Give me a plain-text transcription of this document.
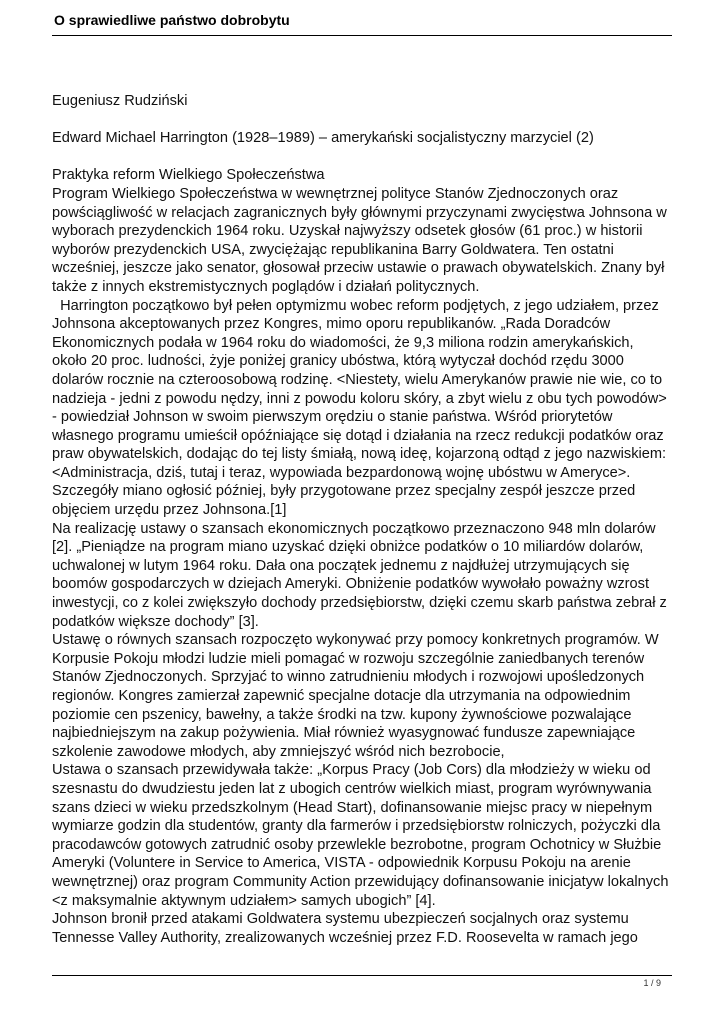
O sprawiedliwe państwo dobrobytu

Eugeniusz Rudziński

Edward Michael Harrington (1928–1989) – amerykański socjalistyczny marzyciel (2)

Praktyka reform Wielkiego Społeczeństwa

Program Wielkiego Społeczeństwa w wewnętrznej polityce Stanów Zjednoczonych oraz powściągliwość w relacjach zagranicznych były głównymi przyczynami zwycięstwa Johnsona w wyborach prezydenckich 1964 roku. Uzyskał najwyższy odsetek głosów (61 proc.) w historii wyborów prezydenckich USA, zwyciężając republikanina Barry Goldwatera. Ten ostatni wcześniej, jeszcze jako senator, głosował przeciw ustawie o prawach obywatelskich. Znany był także z innych ekstremistycznych poglądów i działań politycznych.

Harrington początkowo był pełen optymizmu wobec reform podjętych, z jego udziałem, przez Johnsona akceptowanych przez Kongres, mimo oporu republikanów. „Rada Doradców Ekonomicznych podała w 1964 roku do wiadomości, że 9,3 miliona rodzin amerykańskich, około 20 proc. ludności, żyje poniżej granicy ubóstwa, którą wytyczał dochód rzędu 3000 dolarów rocznie na czteroosobową rodzinę. <Niestety, wielu Amerykanów prawie nie wie, co to nadzieja - jedni z powodu nędzy, inni z powodu koloru skóry, a zbyt wielu z obu tych powodów> - powiedział Johnson w swoim pierwszym orędziu o stanie państwa. Wśród priorytetów własnego programu umieścił opóźniające się dotąd i działania na rzecz redukcji podatków oraz praw obywatelskich, dodając do tej listy śmiałą, nową ideę, kojarzoną odtąd z jego nazwiskiem: <Administracja, dziś, tutaj i teraz, wypowiada bezpardonową wojnę ubóstwu w Ameryce>. Szczegóły miano ogłosić później, były przygotowane przez specjalny zespół jeszcze przed objęciem urzędu przez Johnsona.[1]

Na realizację ustawy o szansach ekonomicznych początkowo przeznaczono 948 mln dolarów [2]. „Pieniądze na program miano uzyskać dzięki obniżce podatków o 10 miliardów dolarów, uchwalonej w lutym 1964 roku. Dała ona początek jednemu z najdłużej utrzymujących się boomów gospodarczych w dziejach Ameryki. Obniżenie podatków wywołało poważny wzrost inwestycji, co z kolei zwiększyło dochody przedsiębiorstw, dzięki czemu skarb państwa zebrał z podatków większe dochody” [3].

Ustawę o równych szansach rozpoczęto wykonywać przy pomocy konkretnych programów. W Korpusie Pokoju młodzi ludzie mieli pomagać w rozwoju szczególnie zaniedbanych terenów Stanów Zjednoczonych. Sprzyjać to winno zatrudnieniu młodych i rozwojowi upośledzonych regionów. Kongres zamierzał zapewnić specjalne dotacje dla utrzymania na odpowiednim poziomie cen pszenicy, bawełny, a także środki na tzw. kupony żywnościowe pozwalające najbiedniejszym na zakup pożywienia. Miał również wyasygnować fundusze zapewniające szkolenie zawodowe młodych, aby zmniejszyć wśród nich bezrobocie,

Ustawa o szansach przewidywała także: „Korpus Pracy (Job Cors) dla młodzieży w wieku od szesnastu do dwudziestu jeden lat z ubogich centrów wielkich miast, program wyrównywania szans dzieci w wieku przedszkolnym (Head Start), dofinansowanie miejsc pracy w niepełnym wymiarze godzin dla studentów, granty dla farmerów i przedsiębiorstw rolniczych, pożyczki dla pracodawców gotowych zatrudnić osoby przewlekle bezrobotne, program Ochotnicy w Służbie Ameryki (Voluntere in Service to America, VISTA - odpowiednik Korpusu Pokoju na arenie wewnętrznej) oraz program Community Action przewidujący dofinansowanie inicjatyw lokalnych <z maksymalnie aktywnym udziałem> samych ubogich” [4].

Johnson bronił przed atakami Goldwatera systemu ubezpieczeń socjalnych oraz systemu Tennesse Valley Authority, zrealizowanych wcześniej przez F.D. Roosevelta w ramach jego

1 / 9
